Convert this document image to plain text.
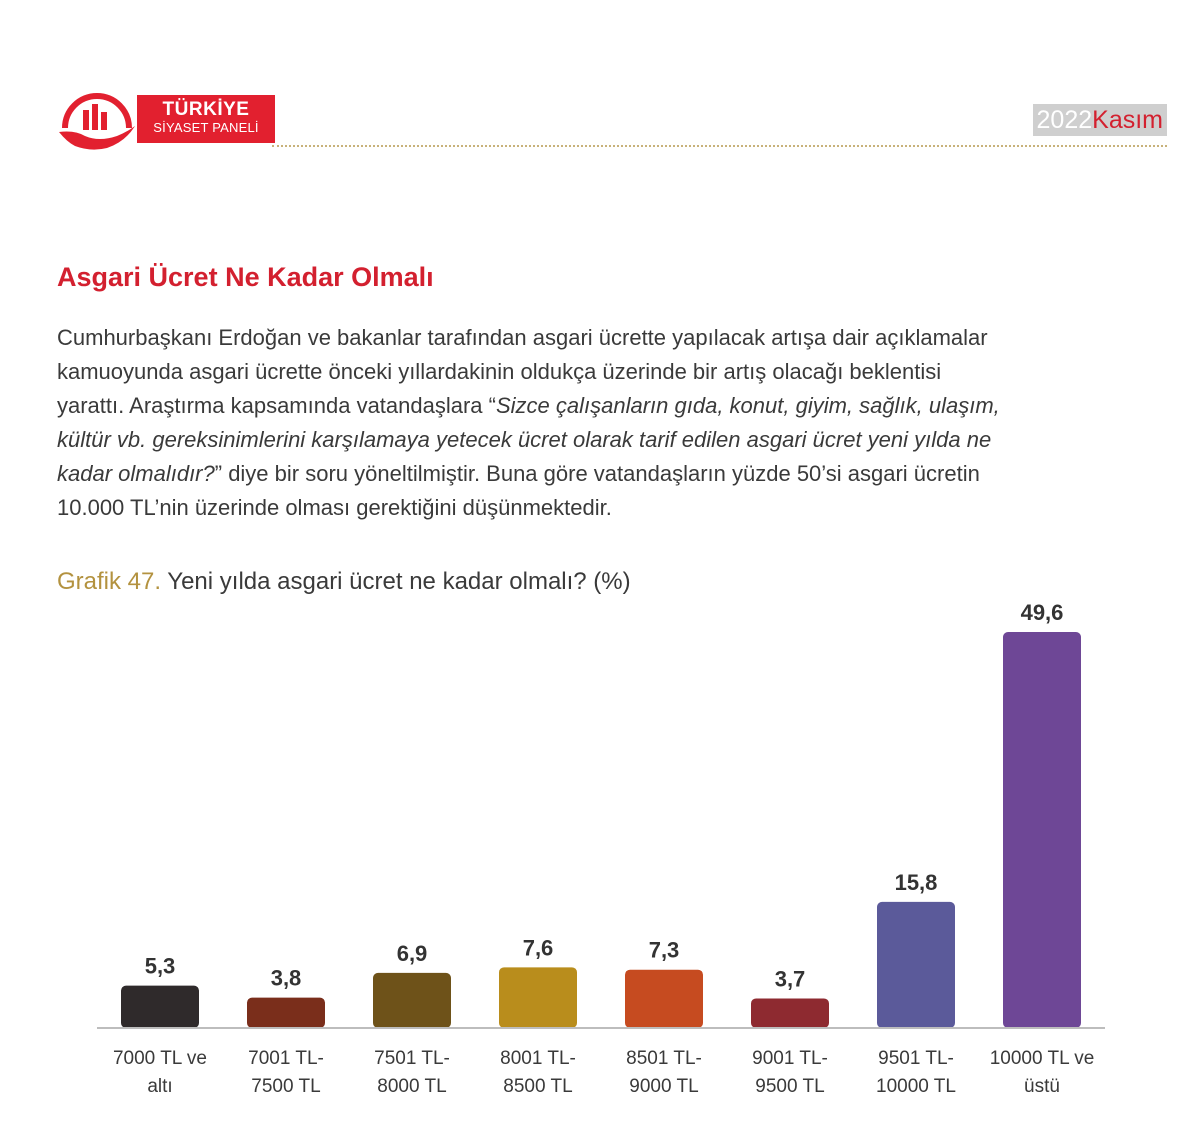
TÜRKİYE
SİYASET PANELİ	2022Kasım
Asgari Ücret Ne Kadar Olmalı
Cumhurbaşkanı Erdoğan ve bakanlar tarafından asgari ücrette yapılacak artışa dair açıklamalar
kamuoyunda asgari ücrette önceki yıllardakinin oldukça üzerinde bir artış olacağı beklentisi
yarattı. Araştırma kapsamında vatandaşlara “Sizce çalışanların gıda, konut, giyim, sağlık, ulaşım,
kültür vb. gereksinimlerini karşılamaya yetecek ücret olarak tarif edilen asgari ücret yeni yılda ne
kadar olmalıdır?” diye bir soru yöneltilmiştir. Buna göre vatandaşların yüzde 50’si asgari ücretin
10.000 TL’nin üzerinde olması gerektiğini düşünmektedir.
Grafik 47. Yeni yılda asgari ücret ne kadar olmalı? (%)
5,3
7000 TL ve
altı
3,8
7001 TL-
7500 TL
6,9
7501 TL-
8000 TL
7,6
8001 TL-
8500 TL
7,3
8501 TL-
9000 TL
3,7
9001 TL-
9500 TL
15,8
9501 TL-
10000 TL
49,6
10000 TL ve
üstü
